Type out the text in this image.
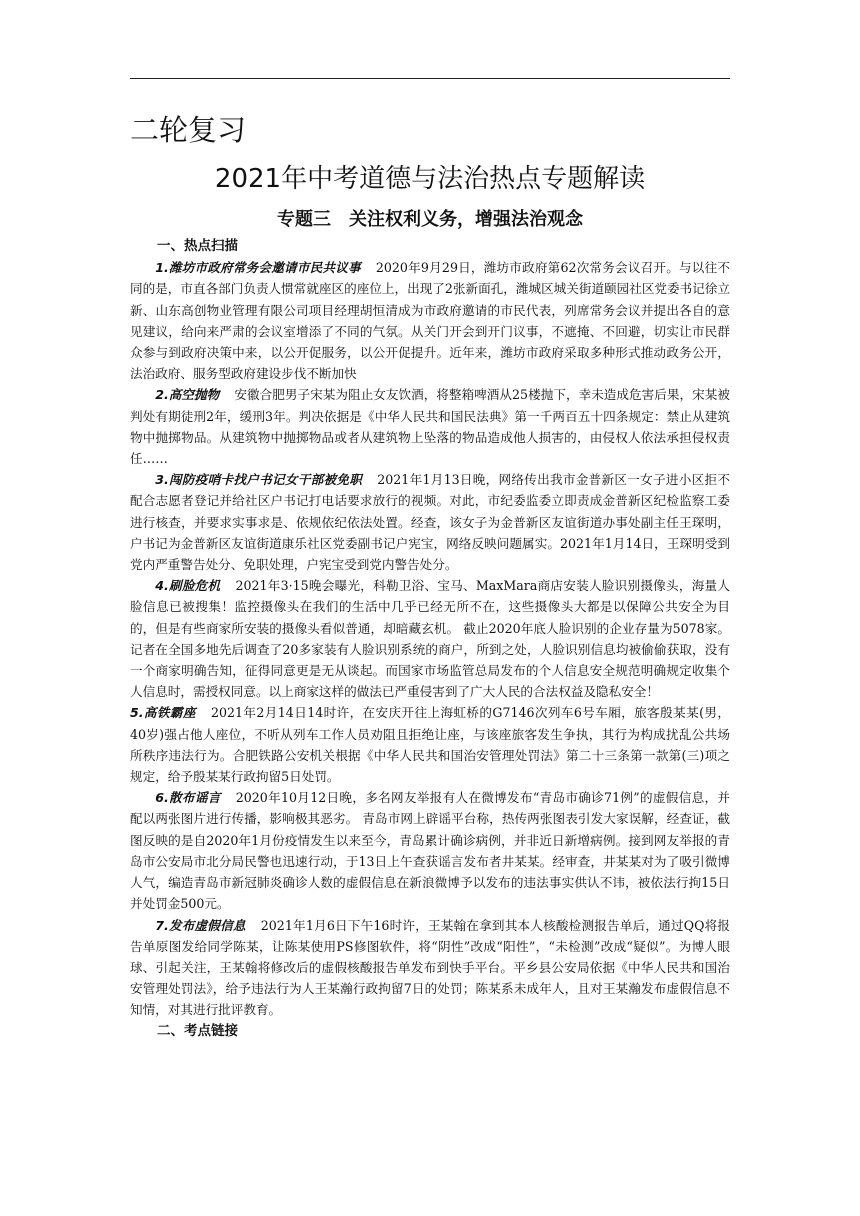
二轮复习
2021年中考道德与法治热点专题解读
专题三　关注权利义务，增强法治观念

一、热点扫描

1.潍坊市政府常务会邀请市民共议事 2020年9月29日，潍坊市政府第62次常务会议召开。与以往不同的是，市直各部门负责人惯常就座区的座位上，出现了2张新面孔，潍城区城关街道颐园社区党委书记徐立新、山东高创物业管理有限公司项目经理胡恒清成为市政府邀请的市民代表，列席常务会议并提出各自的意见建议，给向来严肃的会议室增添了不同的气氛。从关门开会到开门议事，不遮掩、不回避，切实让市民群众参与到政府决策中来，以公开促服务，以公开促提升。近年来，潍坊市政府采取多种形式推动政务公开，法治政府、服务型政府建设步伐不断加快

2.高空抛物 安徽合肥男子宋某为阻止女友饮酒，将整箱啤酒从25楼抛下，幸未造成危害后果，宋某被判处有期徒刑2年，缓刑3年。判决依据是《中华人民共和国民法典》第一千两百五十四条规定：禁止从建筑物中抛掷物品。从建筑物中抛掷物品或者从建筑物上坠落的物品造成他人损害的，由侵权人依法承担侵权责任……

3.闯防疫哨卡找户书记女干部被免职 2021年1月13日晚，网络传出我市金普新区一女子进小区拒不配合志愿者登记并给社区户书记打电话要求放行的视频。对此，市纪委监委立即责成金普新区纪检监察工委进行核查，并要求实事求是、依规依纪依法处置。经查，该女子为金普新区友谊街道办事处副主任王琛明，户书记为金普新区友谊街道康乐社区党委副书记户宪宝，网络反映问题属实。2021年1月14日，王琛明受到党内严重警告处分、免职处理，户宪宝受到党内警告处分。

4.刷脸危机 2021年3·15晚会曝光，科勒卫浴、宝马、MaxMara商店安装人脸识别摄像头，海量人脸信息已被搜集！监控摄像头在我们的生活中几乎已经无所不在，这些摄像头大都是以保障公共安全为目的，但是有些商家所安装的摄像头看似普通，却暗藏玄机。 截止2020年底人脸识别的企业存量为5078家。记者在全国多地先后调查了20多家装有人脸识别系统的商户，所到之处，人脸识别信息均被偷偷获取，没有一个商家明确告知，征得同意更是无从谈起。而国家市场监管总局发布的个人信息安全规范明确规定收集个人信息时，需授权同意。以上商家这样的做法已严重侵害到了广大人民的合法权益及隐私安全！

5.高铁霸座 2021年2月14日14时许，在安庆开往上海虹桥的G7146次列车6号车厢，旅客殷某某(男，40岁)强占他人座位，不听从列车工作人员劝阻且拒绝让座，与该座旅客发生争执，其行为构成扰乱公共场所秩序违法行为。合肥铁路公安机关根据《中华人民共和国治安管理处罚法》第二十三条第一款第(三)项之规定，给予殷某某行政拘留5日处罚。

6.散布谣言 2020年10月12日晚，多名网友举报有人在微博发布“青岛市确诊71例”的虚假信息，并配以两张图片进行传播，影响极其恶劣。 青岛市网上辟谣平台称，热传两张图表引发大家误解，经查证，截图反映的是自2020年1月份疫情发生以来至今，青岛累计确诊病例，并非近日新增病例。接到网友举报的青岛市公安局市北分局民警也迅速行动，于13日上午查获谣言发布者井某某。经审查，井某某对为了吸引微博人气，编造青岛市新冠肺炎确诊人数的虚假信息在新浪微博予以发布的违法事实供认不讳，被依法行拘15日并处罚金500元。

7.发布虚假信息 2021年1月6日下午16时许，王某翰在拿到其本人核酸检测报告单后，通过QQ将报告单原图发给同学陈某，让陈某使用PS修图软件，将“阴性”改成“阳性”，“未检测”改成“疑似”。为博人眼球、引起关注，王某翰将修改后的虚假核酸报告单发布到快手平台。平乡县公安局依据《中华人民共和国治安管理处罚法》，给予违法行为人王某瀚行政拘留7日的处罚；陈某系未成年人，且对王某瀚发布虚假信息不知情，对其进行批评教育。

二、考点链接
